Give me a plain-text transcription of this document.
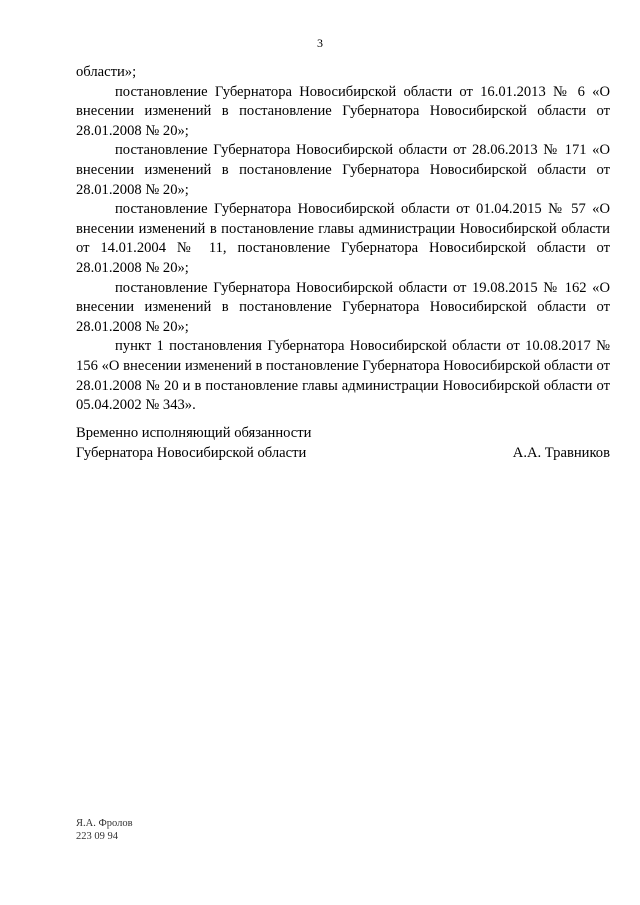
3

области»;

постановление Губернатора Новосибирской области от 16.01.2013 № 6 «О внесении изменений в постановление Губернатора Новосибирской области от 28.01.2008 № 20»;

постановление Губернатора Новосибирской области от 28.06.2013 № 171 «О внесении изменений в постановление Губернатора Новосибирской области от 28.01.2008 № 20»;

постановление Губернатора Новосибирской области от 01.04.2015 № 57 «О внесении изменений в постановление главы администрации Новосибирской области от 14.01.2004 № 11, постановление Губернатора Новосибирской области от 28.01.2008 № 20»;

постановление Губернатора Новосибирской области от 19.08.2015 № 162 «О внесении изменений в постановление Губернатора Новосибирской области от 28.01.2008 № 20»;

пункт 1 постановления Губернатора Новосибирской области от 10.08.2017 № 156 «О внесении изменений в постановление Губернатора Новосибирской области от 28.01.2008 № 20 и в постановление главы администрации Новосибирской области от 05.04.2002 № 343».

Временно исполняющий обязанности
Губернатора Новосибирской области	А.А. Травников
Я.А. Фролов
223 09 94
